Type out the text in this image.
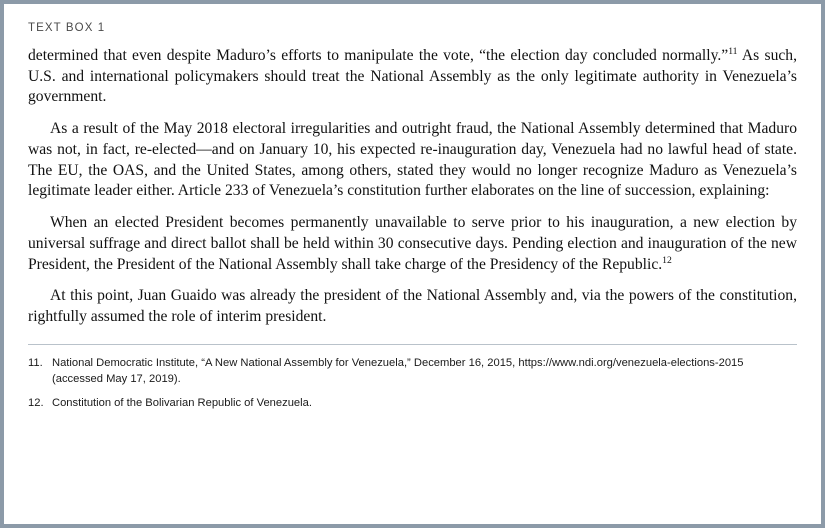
TEXT BOX 1

determined that even despite Maduro’s efforts to manipulate the vote, “the election day concluded normally.”$^{11}$ As such, U.S. and international policymakers should treat the National Assembly as the only legitimate authority in Venezuela’s government.

As a result of the May 2018 electoral irregularities and outright fraud, the National Assembly determined that Maduro was not, in fact, re-elected—and on January 10, his expected re-inauguration day, Venezuela had no lawful head of state. The EU, the OAS, and the United States, among others, stated they would no longer recognize Maduro as Venezuela’s legitimate leader either. Article 233 of Venezuela’s constitution further elaborates on the line of succession, explaining:

When an elected President becomes permanently unavailable to serve prior to his inauguration, a new election by universal suffrage and direct ballot shall be held within 30 consecutive days. Pending election and inauguration of the new President, the President of the National Assembly shall take charge of the Presidency of the Republic.$^{12}$

At this point, Juan Guaido was already the president of the National Assembly and, via the powers of the constitution, rightfully assumed the role of interim president.

11. National Democratic Institute, “A New National Assembly for Venezuela,” December 16, 2015, https://www.ndi.org/venezuela-elections-2015 (accessed May 17, 2019).
12. Constitution of the Bolivarian Republic of Venezuela.
